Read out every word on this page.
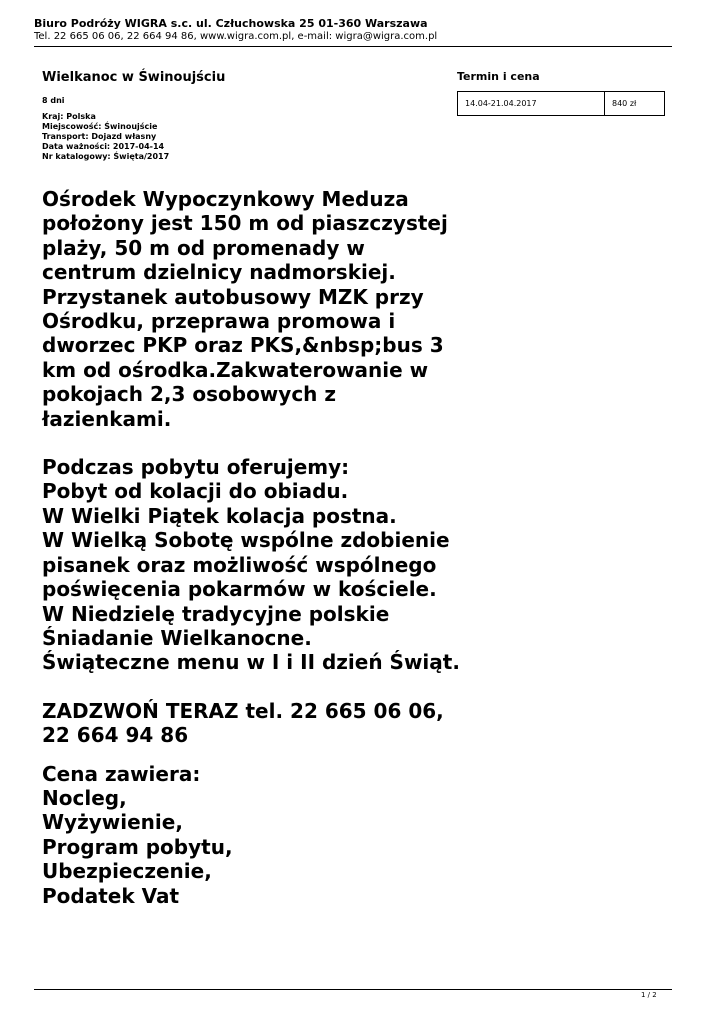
Biuro Podróży WIGRA s.c. ul. Człuchowska 25 01-360 Warszawa
Tel. 22 665 06 06, 22 664 94 86, www.wigra.com.pl, e-mail: wigra@wigra.com.pl
Wielkanoc w Świnoujściu
8 dni
Kraj: Polska
Miejscowość: Świnoujście
Transport: Dojazd własny
Data ważności: 2017-04-14
Nr katalogowy: Święta/2017
Termin i cena
14.04-21.04.2017	840 zł

Ośrodek Wypoczynkowy Meduza położony jest 150 m od piaszczystej plaży, 50 m od promenady w centrum dzielnicy nadmorskiej. Przystanek autobusowy MZK przy Ośrodku, przeprawa promowa i dworzec PKP oraz PKS,&nbsp;bus 3 km od ośrodka.Zakwaterowanie w pokojach 2,3 osobowych z łazienkami.

Podczas pobytu oferujemy:
Pobyt od kolacji do obiadu.
W Wielki Piątek kolacja postna.
W Wielką Sobotę wspólne zdobienie pisanek oraz możliwość wspólnego poświęcenia pokarmów w kościele.
W Niedzielę tradycyjne polskie Śniadanie Wielkanocne.
Świąteczne menu w I i II dzień Świąt.

ZADZWOŃ TERAZ tel. 22 665 06 06, 22 664 94 86

Cena zawiera:
Nocleg,
Wyżywienie,
Program pobytu,
Ubezpieczenie,
Podatek Vat
1 / 2
